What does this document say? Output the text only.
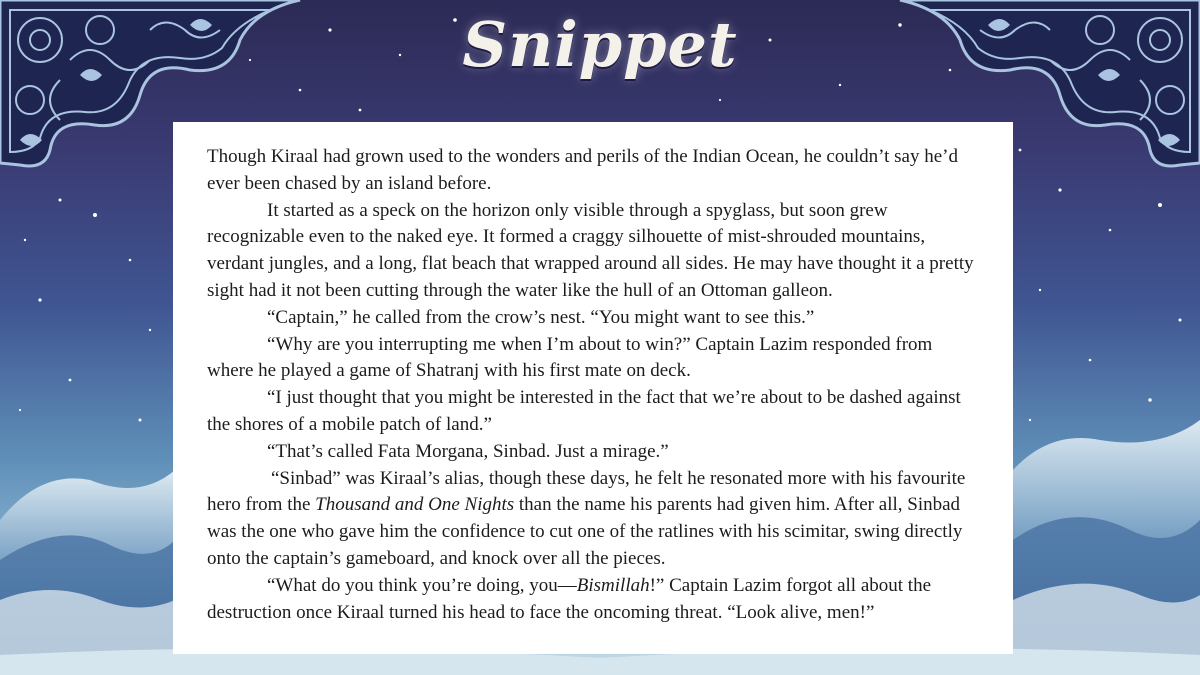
Snippet

Though Kiraal had grown used to the wonders and perils of the Indian Ocean, he couldn’t say he’d ever been chased by an island before.

It started as a speck on the horizon only visible through a spyglass, but soon grew recognizable even to the naked eye. It formed a craggy silhouette of mist-shrouded mountains, verdant jungles, and a long, flat beach that wrapped around all sides. He may have thought it a pretty sight had it not been cutting through the water like the hull of an Ottoman galleon.

“Captain,” he called from the crow’s nest. “You might want to see this.”

“Why are you interrupting me when I’m about to win?” Captain Lazim responded from where he played a game of Shatranj with his first mate on deck.

“I just thought that you might be interested in the fact that we’re about to be dashed against the shores of a mobile patch of land.”

“That’s called Fata Morgana, Sinbad. Just a mirage.”

“Sinbad” was Kiraal’s alias, though these days, he felt he resonated more with his favourite hero from the Thousand and One Nights than the name his parents had given him. After all, Sinbad was the one who gave him the confidence to cut one of the ratlines with his scimitar, swing directly onto the captain’s gameboard, and knock over all the pieces.

“What do you think you’re doing, you—Bismillah!” Captain Lazim forgot all about the destruction once Kiraal turned his head to face the oncoming threat. “Look alive, men!”
